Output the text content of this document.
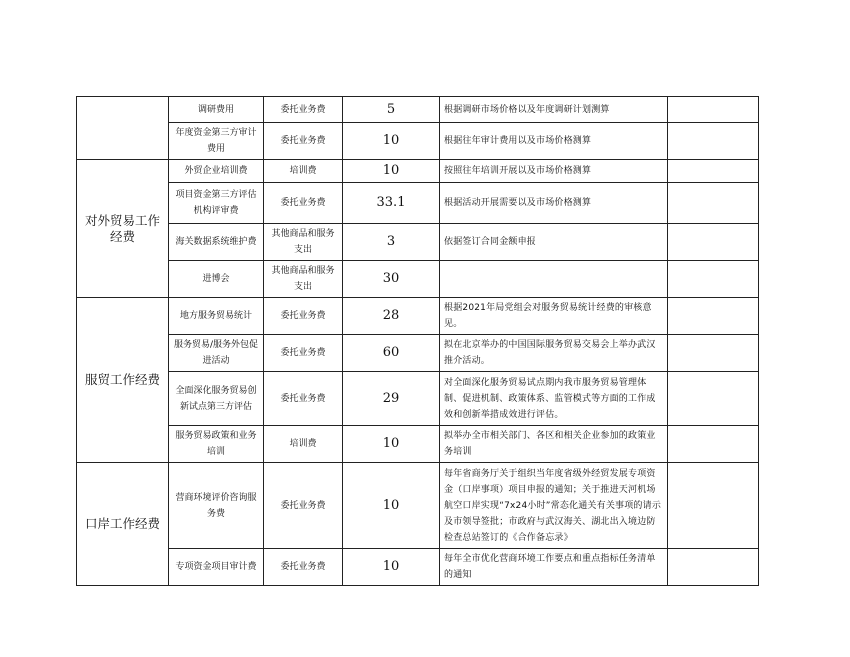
	调研费用	委托业务费	5	根据调研市场价格以及年度调研计划测算	
	年度资金第三方审计费用	委托业务费	10	根据往年审计费用以及市场价格测算	
对外贸易工作 经费	外贸企业培训费	培训费	10	按照往年培训开展以及市场价格测算	
	项目资金第三方评估机构评审费	委托业务费	33.1	根据活动开展需要以及市场价格测算	
	海关数据系统维护费	其他商品和服务支出	3	依据签订合同金额申报	
	进博会	其他商品和服务支出	30		
服贸工作经费	地方服务贸易统计	委托业务费	28	根据2021年局党组会对服务贸易统计经费的审核意见。	
	服务贸易/服务外包促进活动	委托业务费	60	拟在北京举办的中国国际服务贸易交易会上举办武汉推介活动。	
	全面深化服务贸易创新试点第三方评估	委托业务费	29	对全面深化服务贸易试点期内我市服务贸易管理体制、促进机制、政策体系、监管模式等方面的工作成效和创新举措成效进行评估。	
	服务贸易政策和业务培训	培训费	10	拟举办全市相关部门、各区和相关企业参加的政策业务培训	
口岸工作经费	营商环境评价咨询服务费	委托业务费	10	每年省商务厅关于组织当年度省级外经贸发展专项资金（口岸事项）项目申报的通知；关于推进天河机场航空口岸实现“7x24小时”常态化通关有关事项的请示及市领导签批；市政府与武汉海关、湖北出入境边防检查总站签订的《合作备忘录》	
	专项资金项目审计费	委托业务费	10	每年全市优化营商环境工作要点和重点指标任务清单的通知	
